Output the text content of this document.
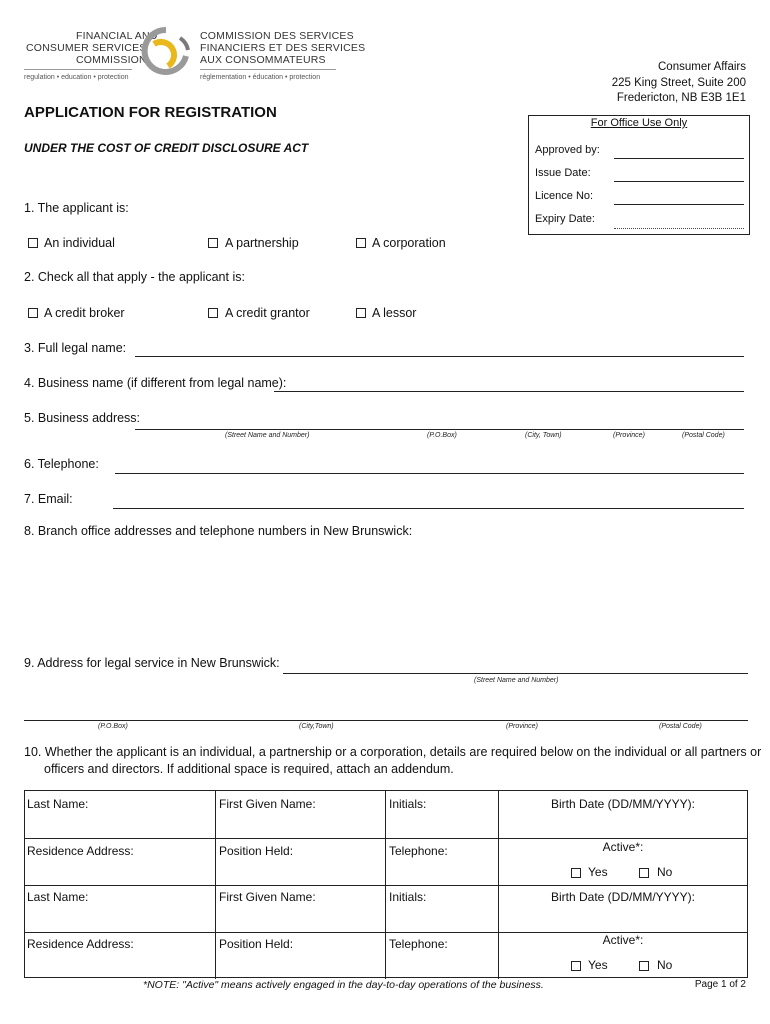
FINANCIAL AND
CONSUMER SERVICES
COMMISSION
regulation • education • protection
COMMISSION DES SERVICES
FINANCIERS ET DES SERVICES
AUX CONSOMMATEURS
réglementation • éducation • protection
Consumer Affairs
225 King Street, Suite 200
Fredericton, NB E3B 1E1
APPLICATION FOR REGISTRATION
UNDER THE COST OF CREDIT DISCLOSURE ACT
For Office Use Only
Approved by:
Issue Date:
Licence No:
Expiry Date:
1. The applicant is:
An individual	A partnership	A corporation
2. Check all that apply - the applicant is:
A credit broker	A credit grantor	A lessor
3. Full legal name:
4. Business name (if different from legal name):
5. Business address:
(Street Name and Number)	(P.O.Box)	(City, Town)	(Province)	(Postal Code)
6. Telephone:
7. Email:
8. Branch office addresses and telephone numbers in New Brunswick:
9. Address for legal service in New Brunswick:
(Street Name and Number)
(P.O.Box)	(City,Town)	(Province)	(Postal Code)
10. Whether the applicant is an individual, a partnership or a corporation, details are required below on the individual or all partners or
officers and directors. If additional space is required, attach an addendum.
Last Name:	First Given Name:	Initials:	Birth Date (DD/MM/YYYY):
Residence Address:	Position Held:	Telephone:	Active*:
Yes	No
Last Name:	First Given Name:	Initials:	Birth Date (DD/MM/YYYY):
Residence Address:	Position Held:	Telephone:	Active*:
Yes	No
*NOTE: "Active" means actively engaged in the day-to-day operations of the business.	Page 1 of 2
